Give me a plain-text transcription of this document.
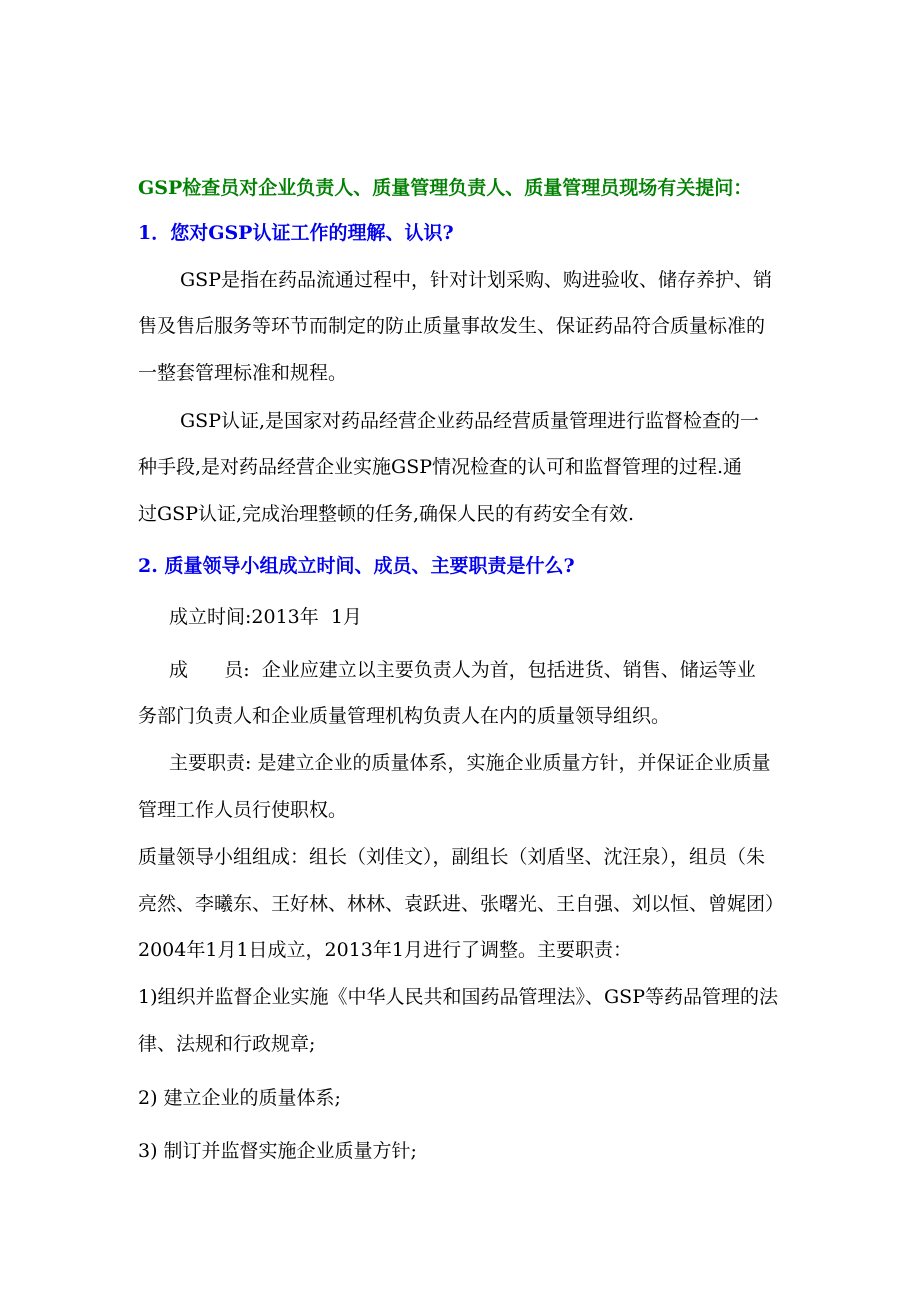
GSP检查员对企业负责人、质量管理负责人、质量管理员现场有关提问：
1．您对GSP认证工作的理解、认识?
GSP是指在药品流通过程中，针对计划采购、购进验收、储存养护、销
售及售后服务等环节而制定的防止质量事故发生、保证药品符合质量标准的
一整套管理标准和规程。
GSP认证,是国家对药品经营企业药品经营质量管理进行监督检查的一
种手段,是对药品经营企业实施GSP情况检查的认可和监督管理的过程.通
过GSP认证,完成治理整顿的任务,确保人民的有药安全有效.
2. 质量领导小组成立时间、成员、主要职责是什么?
成立时间:2013年  1月
成      员:  企业应建立以主要负责人为首，包括进货、销售、储运等业
务部门负责人和企业质量管理机构负责人在内的质量领导组织。
主要职责: 是建立企业的质量体系，实施企业质量方针，并保证企业质量
管理工作人员行使职权。
质量领导小组组成：组长（刘佳文），副组长（刘盾坚、沈汪泉），组员（朱
亮然、李曦东、王好林、林林、袁跃进、张曙光、王自强、刘以恒、曾娓团）
2004年1月1日成立，2013年1月进行了调整。主要职责：
1)组织并监督企业实施《中华人民共和国药品管理法》、GSP等药品管理的法
律、法规和行政规章;
2) 建立企业的质量体系;
3) 制订并监督实施企业质量方针;
